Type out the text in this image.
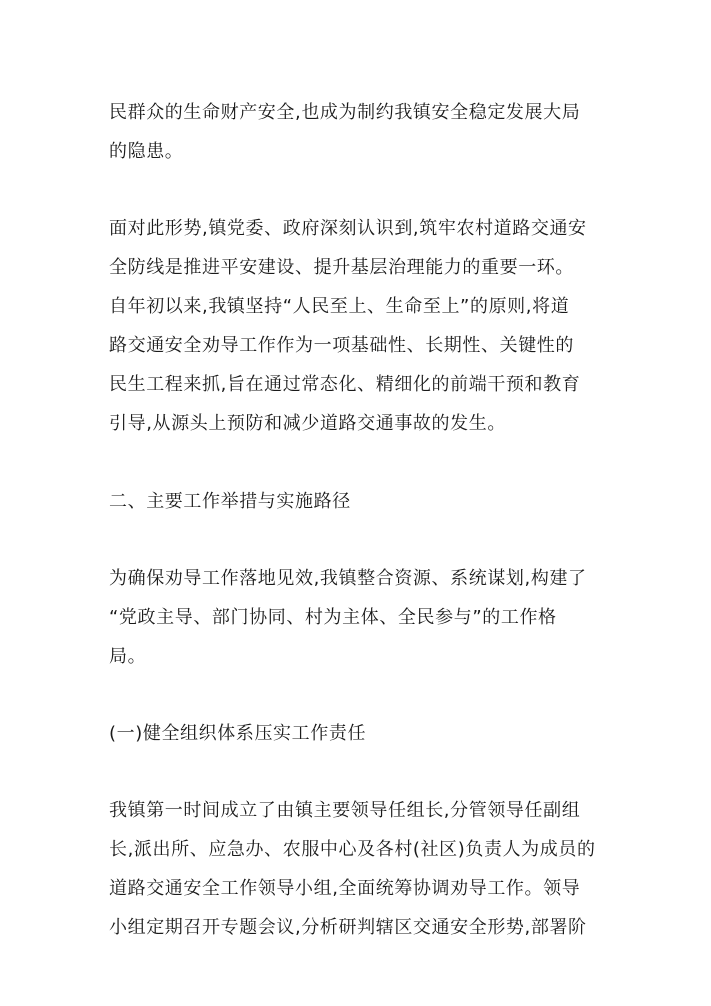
民群众的生命财产安全,也成为制约我镇安全稳定发展大局
的隐患。
面对此形势,镇党委、政府深刻认识到,筑牢农村道路交通安
全防线是推进平安建设、提升基层治理能力的重要一环。
自年初以来,我镇坚持“人民至上、生命至上”的原则,将道
路交通安全劝导工作作为一项基础性、长期性、关键性的
民生工程来抓,旨在通过常态化、精细化的前端干预和教育
引导,从源头上预防和减少道路交通事故的发生。
二、主要工作举措与实施路径
为确保劝导工作落地见效,我镇整合资源、系统谋划,构建了
“党政主导、部门协同、村为主体、全民参与”的工作格
局。
(一)健全组织体系压实工作责任
我镇第一时间成立了由镇主要领导任组长,分管领导任副组
长,派出所、应急办、农服中心及各村(社区)负责人为成员的
道路交通安全工作领导小组,全面统筹协调劝导工作。领导
小组定期召开专题会议,分析研判辖区交通安全形势,部署阶
